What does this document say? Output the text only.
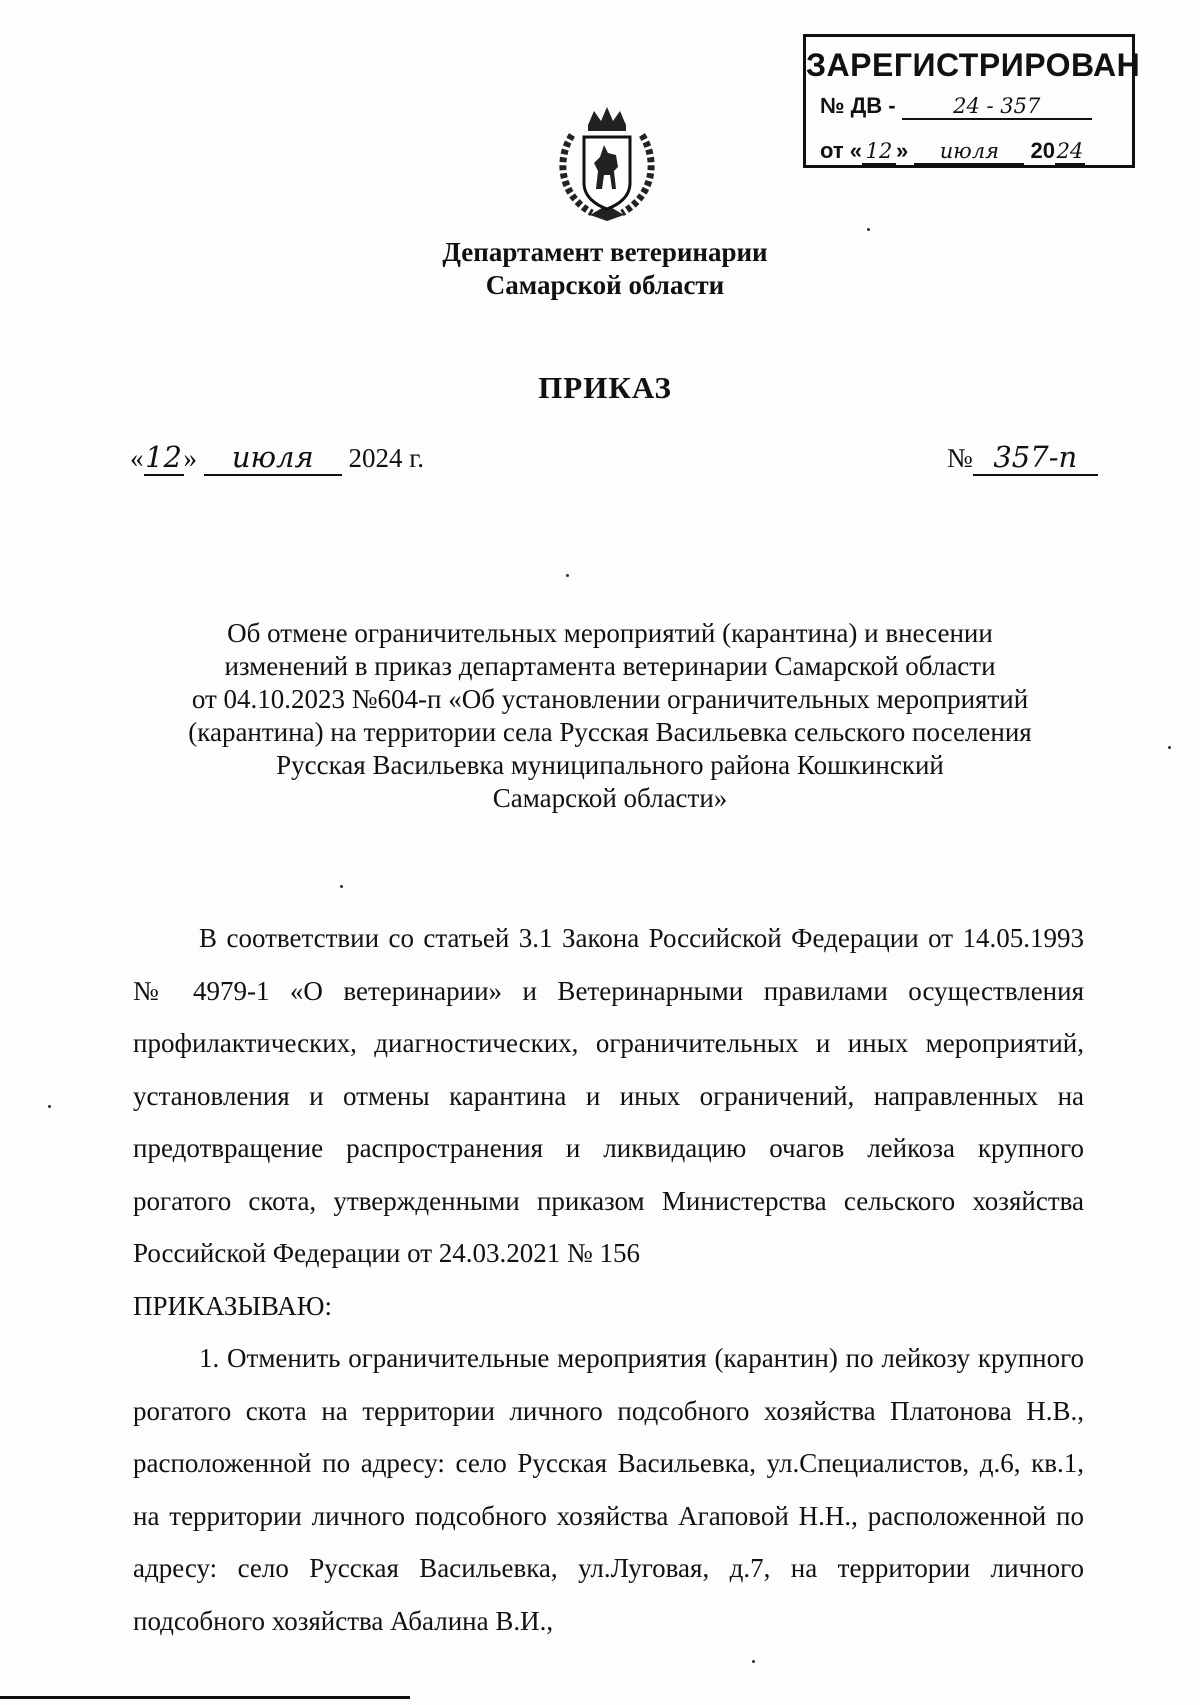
ЗАРЕГИСТРИРОВАН
№ ДВ -	24 - 357
от « 12 » июля 2024
Департамент ветеринарии
Самарской области
ПРИКАЗ
«12» июля 2024 г.	№ 357-п
Об отмене ограничительных мероприятий (карантина) и внесении
изменений в приказ департамента ветеринарии Самарской области
от 04.10.2023 №604-п «Об установлении ограничительных мероприятий
(карантина) на территории села Русская Васильевка сельского поселения
Русская Васильевка муниципального района Кошкинский
Самарской области»

В соответствии со статьей 3.1 Закона Российской Федерации от 14.05.1993 № 4979-1 «О ветеринарии» и Ветеринарными правилами осуществления профилактических, диагностических, ограничительных и иных мероприятий, установления и отмены карантина и иных ограничений, направленных на предотвращение распространения и ликвидацию очагов лейкоза крупного рогатого скота, утвержденными приказом Министерства сельского хозяйства Российской Федерации от 24.03.2021 № 156

ПРИКАЗЫВАЮ:

1. Отменить ограничительные мероприятия (карантин) по лейкозу крупного рогатого скота на территории личного подсобного хозяйства Платонова Н.В., расположенной по адресу: село Русская Васильевка, ул.Специалистов, д.6, кв.1, на территории личного подсобного хозяйства Агаповой Н.Н., расположенной по адресу: село Русская Васильевка, ул.Луговая, д.7, на территории личного подсобного хозяйства Абалина В.И.,
